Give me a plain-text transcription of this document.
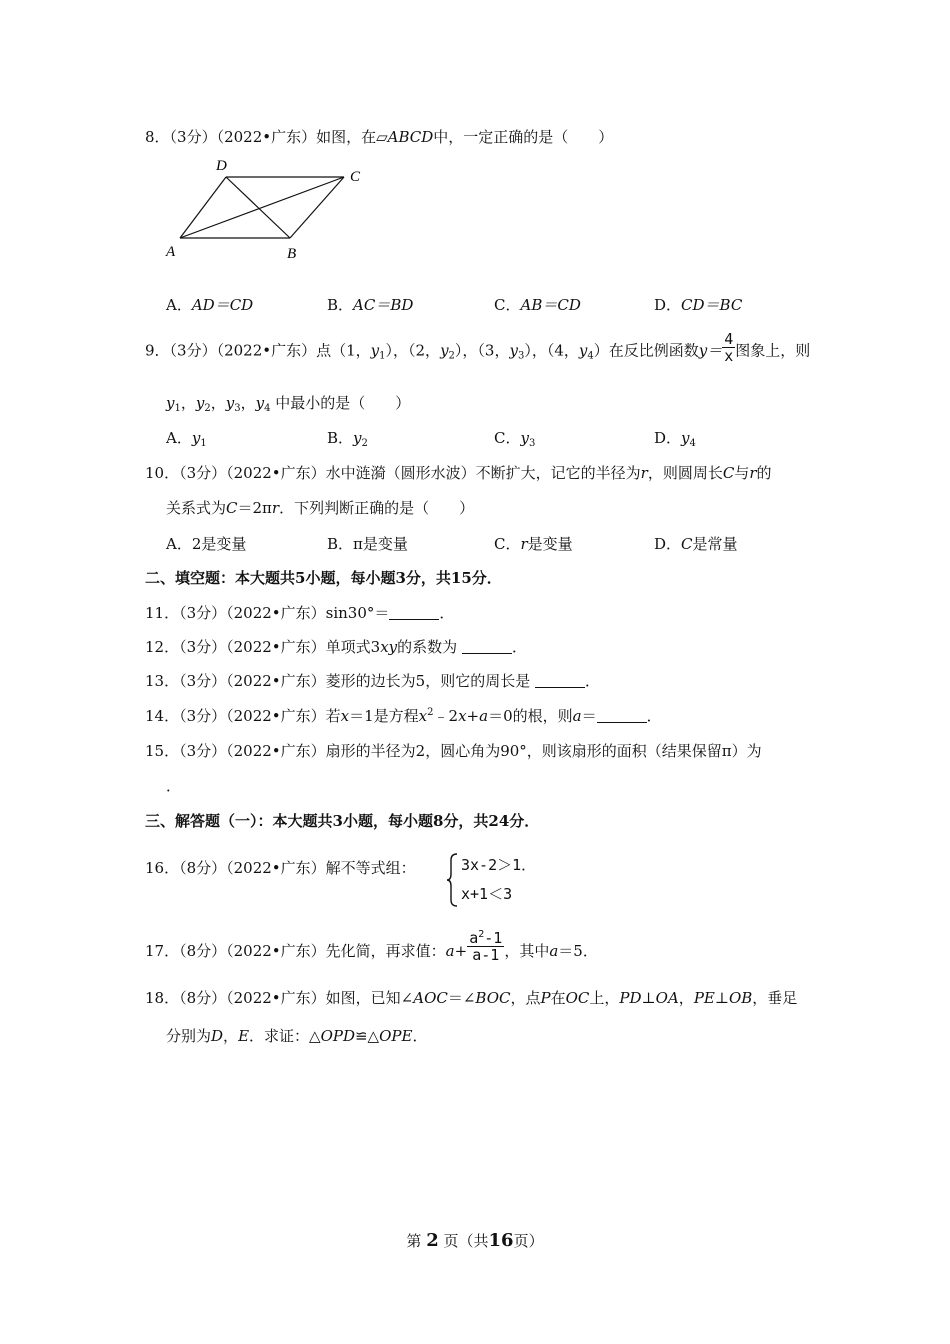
8．（3分）（2022•广东）如图，在▱ABCD中，一定正确的是（　　）
D
C
A	B
A．AD＝CD	B．AC＝BD	C．AB＝CD	D．CD＝BC
9．（3分）（2022•广东）点（1，$y_1$），（2，$y_2$），（3，$y_3$），（4，$y_4$）在反比例函数$y= \frac{4}{x}$ 图象上，则
$y_1$，$y_2$，$y_3$，$y_4$ 中最小的是（　　）
A．$y_1$	B．$y_2$	C．$y_3$	D．$y_4$
10．（3分）（2022•广东）水中涟漪（圆形水波）不断扩大，记它的半径为r，则圆周长C与r的
关系式为C＝2πr．下列判断正确的是（　　）
A．2是变量	B．π是变量	C．r是变量	D．C是常量
二、填空题：本大题共5小题，每小题3分，共15分．
11．（3分）（2022•广东）sin30°＝	．
12．（3分）（2022•广东）单项式3xy的系数为	．
13．（3分）（2022•广东）菱形的边长为5，则它的周长是	．
14．（3分）（2022•广东）若x＝1是方程$x^2﹣2x+a=0$的根，则a＝	．
15．（3分）（2022•广东）扇形的半径为2，圆心角为90°，则该扇形的面积（结果保留π）为
．
三、解答题（一）：本大题共3小题，每小题8分，共24分．
16．（8分）（2022•广东）解不等式组：	3x-2＞1．
x+1＜3
17．（8分）（2022•广东）先化简，再求值：$a+ \frac{a^2-1}{a-1}$ ，其中a＝5．
18．（8分）（2022•广东）如图，已知∠AOC＝∠BOC，点P在OC上，PD⊥OA，PE⊥OB，垂足
分别为D，E．求证：△OPD≌△OPE．
第 2 页（共16页）
